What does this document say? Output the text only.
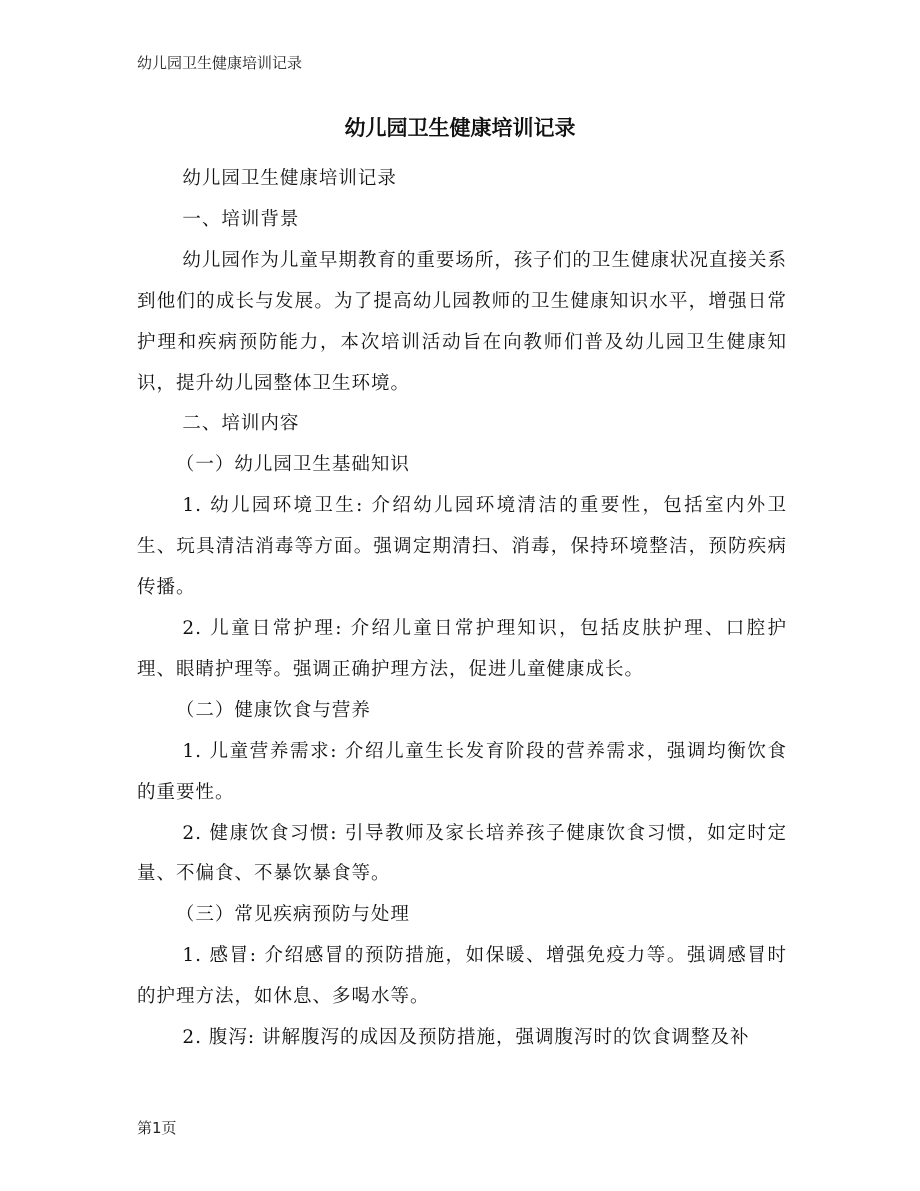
幼儿园卫生健康培训记录
幼儿园卫生健康培训记录

幼儿园卫生健康培训记录

一、培训背景

幼儿园作为儿童早期教育的重要场所，孩子们的卫生健康状况直接关系到他们的成长与发展。为了提高幼儿园教师的卫生健康知识水平，增强日常护理和疾病预防能力，本次培训活动旨在向教师们普及幼儿园卫生健康知识，提升幼儿园整体卫生环境。

二、培训内容

（一）幼儿园卫生基础知识

1. 幼儿园环境卫生: 介绍幼儿园环境清洁的重要性，包括室内外卫生、玩具清洁消毒等方面。强调定期清扫、消毒，保持环境整洁，预防疾病传播。

2. 儿童日常护理: 介绍儿童日常护理知识，包括皮肤护理、口腔护理、眼睛护理等。强调正确护理方法，促进儿童健康成长。

（二）健康饮食与营养

1. 儿童营养需求: 介绍儿童生长发育阶段的营养需求，强调均衡饮食的重要性。

2. 健康饮食习惯: 引导教师及家长培养孩子健康饮食习惯，如定时定量、不偏食、不暴饮暴食等。

（三）常见疾病预防与处理

1. 感冒: 介绍感冒的预防措施，如保暖、增强免疫力等。强调感冒时的护理方法，如休息、多喝水等。

2. 腹泻: 讲解腹泻的成因及预防措施，强调腹泻时的饮食调整及补

第1页
